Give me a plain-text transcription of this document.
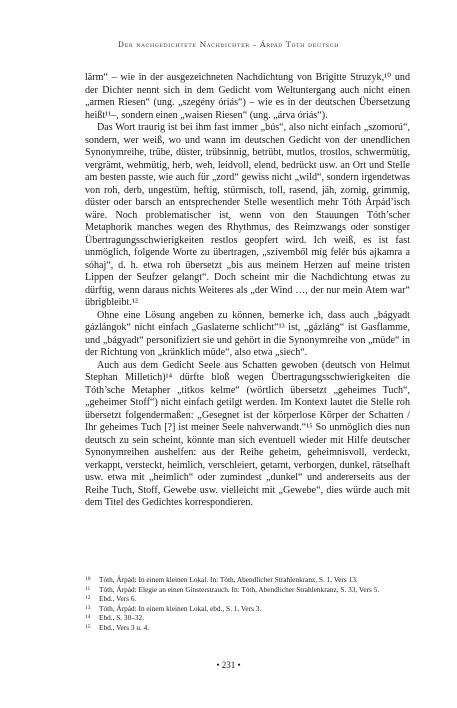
Der nachgedichtete Nachdichter – Árpád Tóth deutsch

lärm“ – wie in der ausgezeichneten Nachdichtung von Brigitte Struzyk,¹⁰ und der Dichter nennt sich in dem Gedicht vom Weltuntergang auch nicht einen „armen Riesen“ (ung. „szegény óriás“) – wie es in der deutschen Übersetzung heißt¹¹–, sondern einen „waisen Riesen“ (ung. „árva óriás“).

Das Wort traurig ist bei ihm fast immer „bús“, also nicht einfach „szomorú“, sondern, wer weiß, wo und wann im deutschen Gedicht von der unendlichen Synonymreihe, trübe, düster, trübsinnig, betrübt, mutlos, trostlos, schwermütig, vergrämt, wehmütig, herb, weh, leidvoll, elend, bedrückt usw. an Ort und Stelle am besten passte, wie auch für „zord“ gewiss nicht „wild“, sondern irgendetwas von roh, derb, ungestüm, heftig, stürmisch, toll, rasend, jäh, zornig, grimmig, düster oder barsch an entsprechender Stelle wesentlich mehr Tóth Árpád’isch wäre. Noch problematischer ist, wenn von den Stauungen Tóth’scher Metaphorik manches wegen des Rhythmus, des Reimzwangs oder sonstiger Übertragungsschwierigkeiten restlos geopfert wird. Ich weiß, es ist fast unmöglich, folgende Worte zu übertragen, „szívemből míg felér bús ajkamra a sóhaj“, d. h. etwa roh übersetzt „bis aus meinem Herzen auf meine tristen Lippen der Seufzer gelangt“. Doch scheint mir die Nachdichtung etwas zu dürftig, wenn daraus nichts Weiteres als „der Wind …, der nur mein Atem war“ übrigbleibt.¹²

Ohne eine Lösung angeben zu können, bemerke ich, dass auch „bágyadt gázlángok“ nicht einfach „Gaslaterne schlicht“¹³ ist, „gázláng“ ist Gasflamme, und „bágyadt“ personifiziert sie und gehört in die Synonymreihe von „müde“ in der Richtung von „kränklich müde“, also etwa „siech“.

Auch aus dem Gedicht Seele aus Schatten gewoben (deutsch von Helmut Stephan Milletich)¹⁴ dürfte bloß wegen Übertragungsschwierigkeiten die Tóth’sche Metapher „titkos kelme“ (wörtlich übersetzt „geheimes Tuch“, „geheimer Stoff“) nicht einfach getilgt werden. Im Kontext lautet die Stelle roh übersetzt folgendermaßen: „Gesegnet ist der körperlose Körper der Schatten / Ihr geheimes Tuch [?] ist meiner Seele nahverwandt.“¹⁵ So unmöglich dies nun deutsch zu sein scheint, könnte man sich eventuell wieder mit Hilfe deutscher Synonymreihen aushelfen: aus der Reihe geheim, geheimnisvoll, verdeckt, verkappt, versteckt, heimlich, verschleiert, getarnt, verborgen, dunkel, rätselhaft usw. etwa mit „heimlich“ oder zumindest „dunkel“ und andererseits aus der Reihe Tuch, Stoff, Gewebe usw. vielleicht mit „Gewebe“, dies würde auch mit dem Titel des Gedichtes korrespondieren.

10	Tóth, Árpád: In einem kleinen Lokal. In: Tóth, Abendlicher Strahlenkranz, S. 1, Vers 13.
11	Tóth, Árpád: Elegie an einen Ginsterstrauch. In: Tóth, Abendlicher Strahlenkranz, S. 33, Vers 5.
12	Ebd., Vers 6.
13	Tóth, Árpád: In einem kleinen Lokal, ebd., S. 1, Vers 3.
14	Ebd., S. 30–32.
15	Ebd., Vers 3 u. 4.
• 231 •
